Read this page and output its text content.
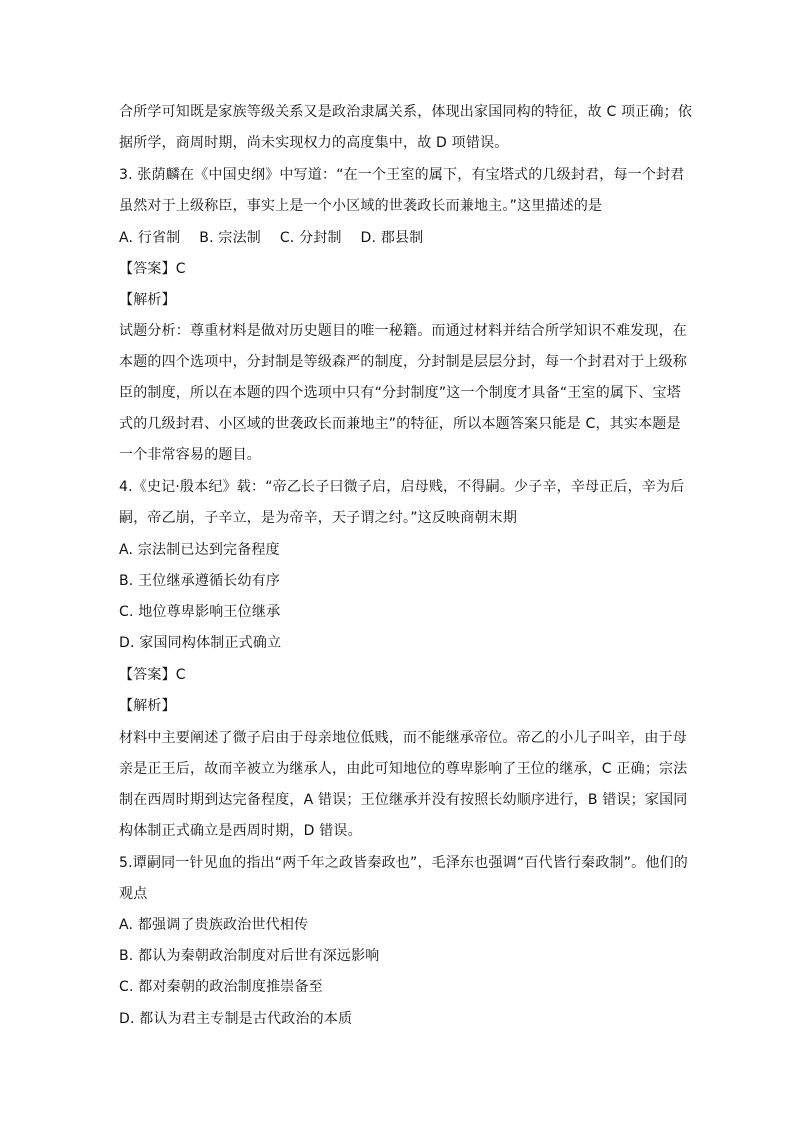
合所学可知既是家族等级关系又是政治隶属关系，体现出家国同构的特征，故 C 项正确；依
据所学，商周时期，尚未实现权力的高度集中，故 D 项错误。
3. 张荫麟在《中国史纲》中写道：“在一个王室的属下，有宝塔式的几级封君，每一个封君
虽然对于上级称臣，事实上是一个小区域的世袭政长而兼地主。”这里描述的是
A. 行省制　 B. 宗法制　 C. 分封制　 D. 郡县制
【答案】C
【解析】
试题分析：尊重材料是做对历史题目的唯一秘籍。而通过材料并结合所学知识不难发现，在
本题的四个选项中，分封制是等级森严的制度，分封制是层层分封，每一个封君对于上级称
臣的制度，所以在本题的四个选项中只有“分封制度”这一个制度才具备“王室的属下、宝塔
式的几级封君、小区域的世袭政长而兼地主”的特征，所以本题答案只能是 C，其实本题是
一个非常容易的题目。
4.《史记·殷本纪》载：“帝乙长子曰微子启，启母贱，不得嗣。少子辛，辛母正后，辛为后
嗣，帝乙崩，子辛立，是为帝辛，天子谓之纣。”这反映商朝末期
A. 宗法制已达到完备程度
B. 王位继承遵循长幼有序
C. 地位尊卑影响王位继承
D. 家国同构体制正式确立
【答案】C
【解析】
材料中主要阐述了微子启由于母亲地位低贱，而不能继承帝位。帝乙的小儿子叫辛，由于母
亲是正王后，故而辛被立为继承人，由此可知地位的尊卑影响了王位的继承，C 正确；宗法
制在西周时期到达完备程度，A 错误；王位继承并没有按照长幼顺序进行，B 错误；家国同
构体制正式确立是西周时期，D 错误。
5.谭嗣同一针见血的指出“两千年之政皆秦政也”，毛泽东也强调“百代皆行秦政制”。他们的
观点
A. 都强调了贵族政治世代相传
B. 都认为秦朝政治制度对后世有深远影响
C. 都对秦朝的政治制度推崇备至
D. 都认为君主专制是古代政治的本质
